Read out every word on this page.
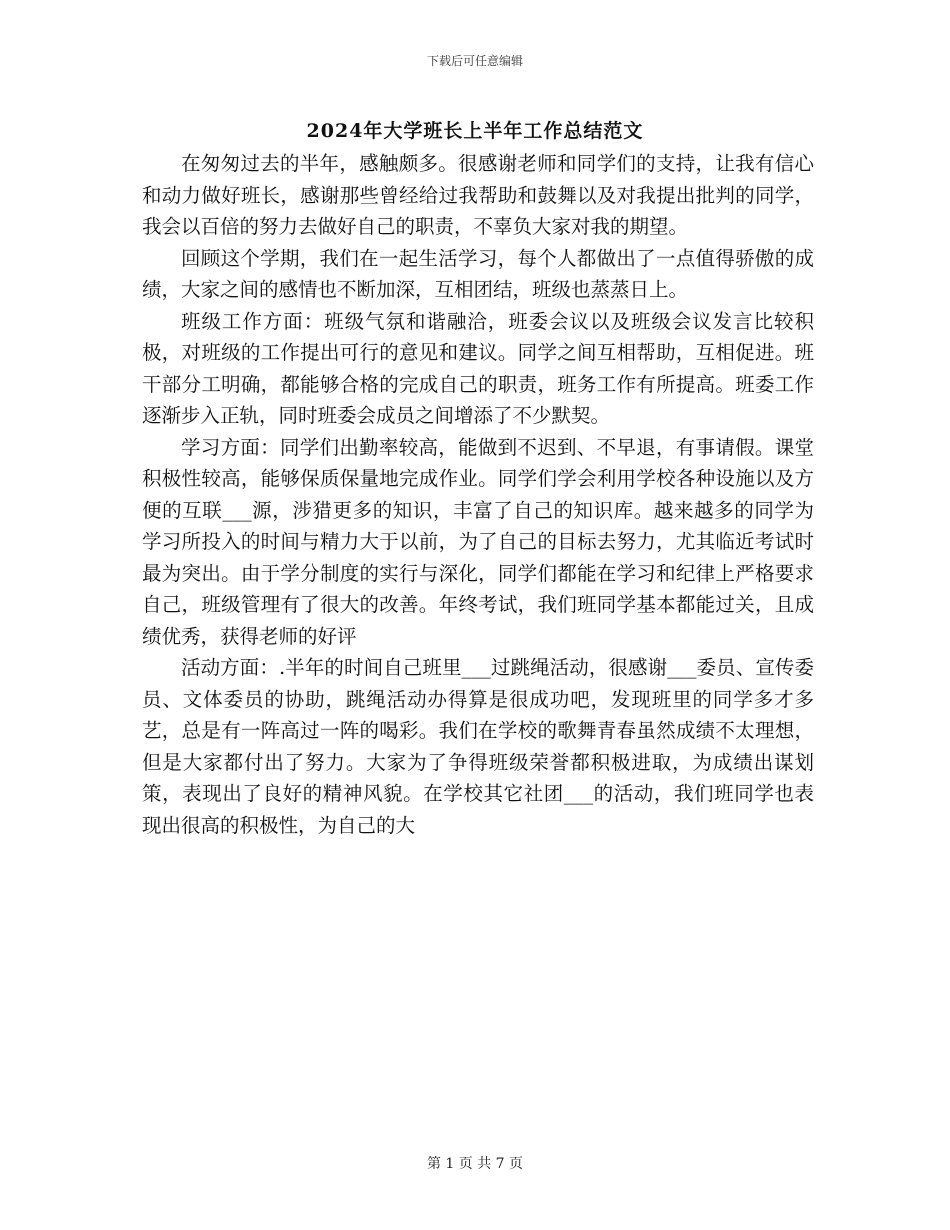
下载后可任意编辑
2024年大学班长上半年工作总结范文

在匆匆过去的半年，感触颇多。很感谢老师和同学们的支持，让我有信心和动力做好班长，感谢那些曾经给过我帮助和鼓舞以及对我提出批判的同学，我会以百倍的努力去做好自己的职责，不辜负大家对我的期望。

回顾这个学期，我们在一起生活学习，每个人都做出了一点值得骄傲的成绩，大家之间的感情也不断加深，互相团结，班级也蒸蒸日上。

班级工作方面：班级气氛和谐融洽，班委会议以及班级会议发言比较积极，对班级的工作提出可行的意见和建议。同学之间互相帮助，互相促进。班干部分工明确，都能够合格的完成自己的职责，班务工作有所提高。班委工作逐渐步入正轨，同时班委会成员之间增添了不少默契。

学习方面：同学们出勤率较高，能做到不迟到、不早退，有事请假。课堂积极性较高，能够保质保量地完成作业。同学们学会利用学校各种设施以及方便的互联___源，涉猎更多的知识，丰富了自己的知识库。越来越多的同学为学习所投入的时间与精力大于以前，为了自己的目标去努力，尤其临近考试时最为突出。由于学分制度的实行与深化，同学们都能在学习和纪律上严格要求自己，班级管理有了很大的改善。年终考试，我们班同学基本都能过关，且成绩优秀，获得老师的好评

活动方面：.半年的时间自己班里___过跳绳活动，很感谢___委员、宣传委员、文体委员的协助，跳绳活动办得算是很成功吧，发现班里的同学多才多艺，总是有一阵高过一阵的喝彩。我们在学校的歌舞青春虽然成绩不太理想，但是大家都付出了努力。大家为了争得班级荣誉都积极进取，为成绩出谋划策，表现出了良好的精神风貌。在学校其它社团___的活动，我们班同学也表现出很高的积极性，为自己的大

第 1 页 共 7 页
